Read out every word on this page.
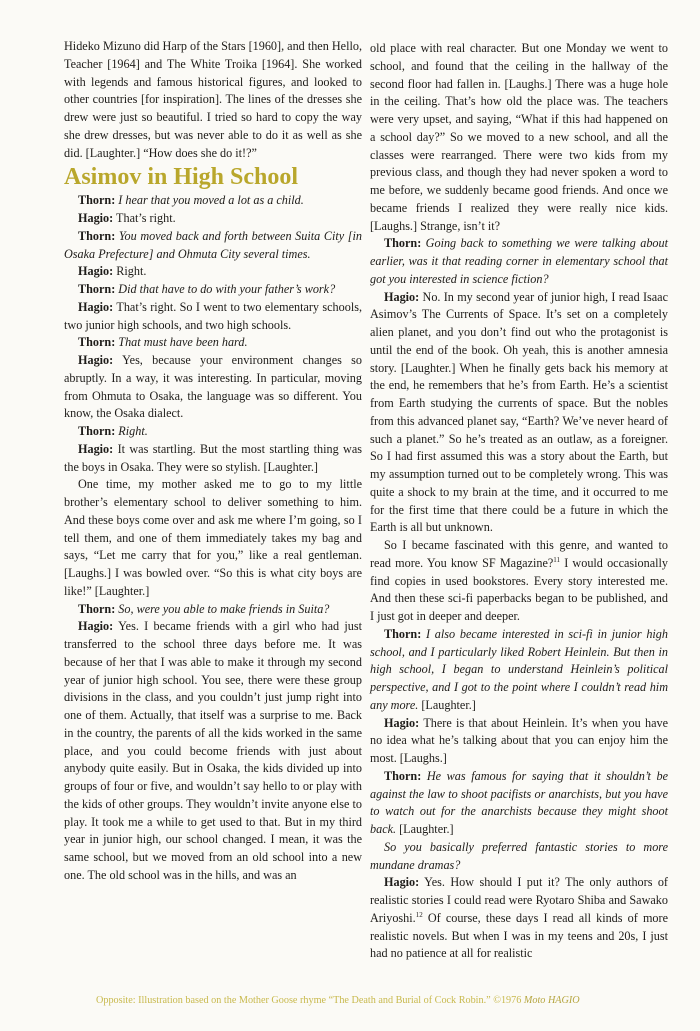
Hideko Mizuno did Harp of the Stars [1960], and then Hello, Teacher [1964] and The White Troika [1964]. She worked with legends and famous historical figures, and looked to other countries [for inspiration]. The lines of the dresses she drew were just so beautiful. I tried so hard to copy the way she drew dresses, but was never able to do it as well as she did. [Laughter.] “How does she do it!?”

Asimov in High School

Thorn: I hear that you moved a lot as a child.

Hagio: That’s right.

Thorn: You moved back and forth between Suita City [in Osaka Prefecture] and Ohmuta City several times.

Hagio: Right.

Thorn: Did that have to do with your father’s work?

Hagio: That’s right. So I went to two elementary schools, two junior high schools, and two high schools.

Thorn: That must have been hard.

Hagio: Yes, because your environment changes so abruptly. In a way, it was interesting. In particular, moving from Ohmuta to Osaka, the language was so different. You know, the Osaka dialect.

Thorn: Right.

Hagio: It was startling. But the most startling thing was the boys in Osaka. They were so stylish. [Laughter.]

One time, my mother asked me to go to my little brother’s elementary school to deliver something to him. And these boys come over and ask me where I’m going, so I tell them, and one of them immediately takes my bag and says, “Let me carry that for you,” like a real gentleman. [Laughs.] I was bowled over. “So this is what city boys are like!” [Laughter.]

Thorn: So, were you able to make friends in Suita?

Hagio: Yes. I became friends with a girl who had just transferred to the school three days before me. It was because of her that I was able to make it through my second year of junior high school. You see, there were these group divisions in the class, and you couldn’t just jump right into one of them. Actually, that itself was a surprise to me. Back in the country, the parents of all the kids worked in the same place, and you could become friends with just about anybody quite easily. But in Osaka, the kids divided up into groups of four or five, and wouldn’t say hello to or play with the kids of other groups. They wouldn’t invite anyone else to play. It took me a while to get used to that. But in my third year in junior high, our school changed. I mean, it was the same school, but we moved from an old school into a new one. The old school was in the hills, and was an

old place with real character. But one Monday we went to school, and found that the ceiling in the hallway of the second floor had fallen in. [Laughs.] There was a huge hole in the ceiling. That’s how old the place was. The teachers were very upset, and saying, “What if this had happened on a school day?” So we moved to a new school, and all the classes were rearranged. There were two kids from my previous class, and though they had never spoken a word to me before, we suddenly became good friends. And once we became friends I realized they were really nice kids. [Laughs.] Strange, isn’t it?

Thorn: Going back to something we were talking about earlier, was it that reading corner in elementary school that got you interested in science fiction?

Hagio: No. In my second year of junior high, I read Isaac Asimov’s The Currents of Space. It’s set on a completely alien planet, and you don’t find out who the protagonist is until the end of the book. Oh yeah, this is another amnesia story. [Laughter.] When he finally gets back his memory at the end, he remembers that he’s from Earth. He’s a scientist from Earth studying the currents of space. But the nobles from this advanced planet say, “Earth? We’ve never heard of such a planet.” So he’s treated as an outlaw, as a foreigner. So I had first assumed this was a story about the Earth, but my assumption turned out to be completely wrong. This was quite a shock to my brain at the time, and it occurred to me for the first time that there could be a future in which the Earth is all but unknown.

So I became fascinated with this genre, and wanted to read more. You know SF Magazine?$^{11}$ I would occasionally find copies in used bookstores. Every story interested me. And then these sci-fi paperbacks began to be published, and I just got in deeper and deeper.

Thorn: I also became interested in sci-fi in junior high school, and I particularly liked Robert Heinlein. But then in high school, I began to understand Heinlein’s political perspective, and I got to the point where I couldn’t read him any more. [Laughter.]

Hagio: There is that about Heinlein. It’s when you have no idea what he’s talking about that you can enjoy him the most. [Laughs.]

Thorn: He was famous for saying that it shouldn’t be against the law to shoot pacifists or anarchists, but you have to watch out for the anarchists because they might shoot back. [Laughter.]

So you basically preferred fantastic stories to more mundane dramas?

Hagio: Yes. How should I put it? The only authors of realistic stories I could read were Ryotaro Shiba and Sawako Ariyoshi.$^{12}$ Of course, these days I read all kinds of more realistic novels. But when I was in my teens and 20s, I just had no patience at all for realistic

Opposite: Illustration based on the Mother Goose rhyme “The Death and Burial of Cock Robin.” ©1976 Moto HAGIO
